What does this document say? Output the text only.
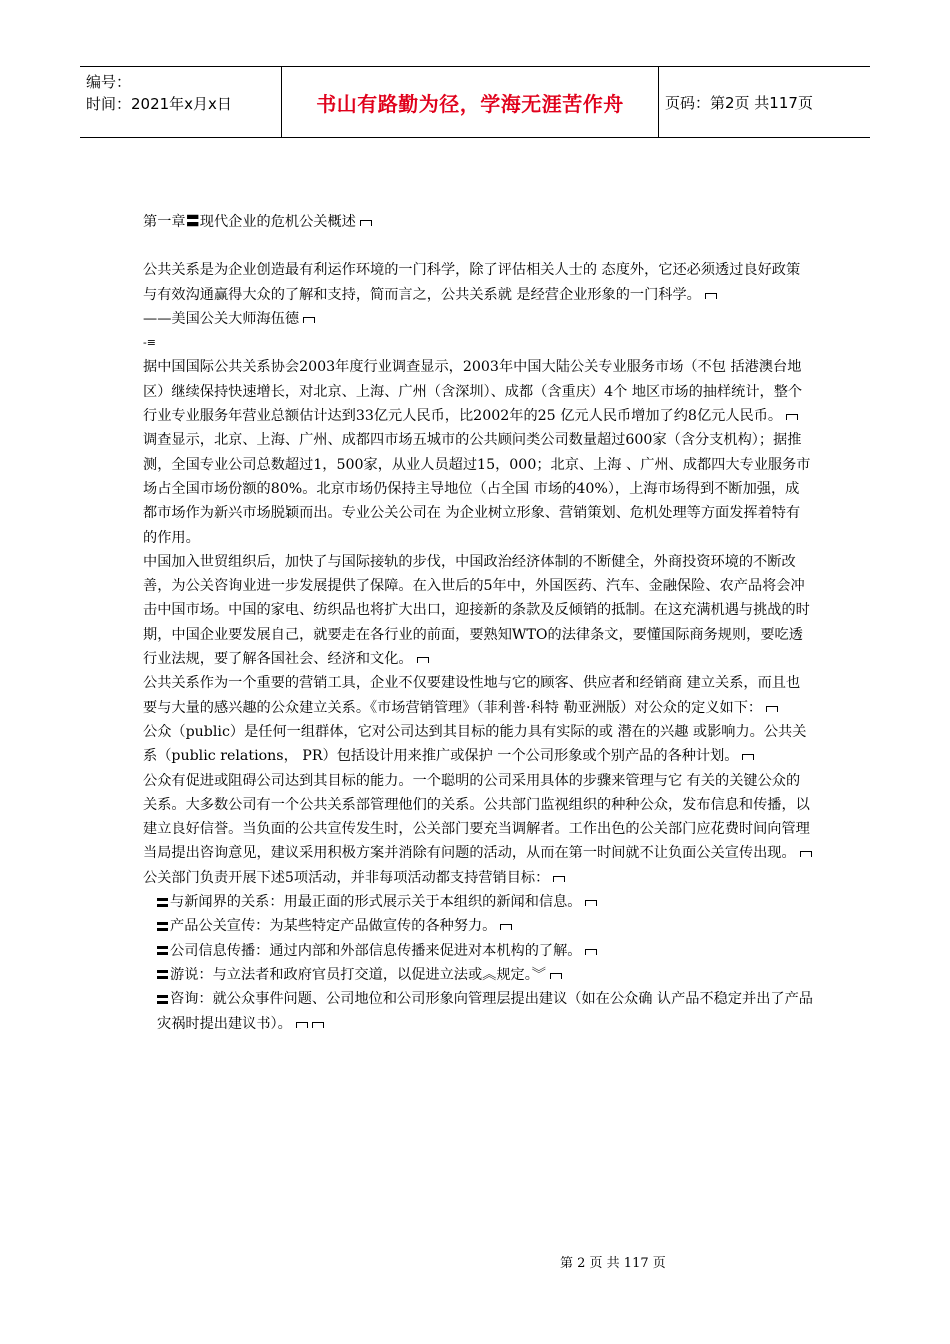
编号：
时间：2021年x月x日	书山有路勤为径，学海无涯苦作舟	页码：第2页 共117页

第一章〓现代企业的危机公关概述

公共关系是为企业创造最有利运作环境的一门科学，除了评估相关人士的 态度外，它还必须透过良好政策与有效沟通赢得大众的了解和支持，简而言之，公共关系就 是经营企业形象的一门科学。

——美国公关大师海伍德

-≡

据中国国际公共关系协会2003年度行业调查显示，2003年中国大陆公关专业服务市场（不包 括港澳台地区）继续保持快速增长，对北京、上海、广州（含深圳）、成都（含重庆）4个 地区市场的抽样统计，整个行业专业服务年营业总额估计达到33亿元人民币，比2002年的25 亿元人民币增加了约8亿元人民币。

调查显示，北京、上海、广州、成都四市场五城市的公共顾问类公司数量超过600家（含分支机构）；据推测，全国专业公司总数超过1，500家，从业人员超过15，000；北京、上海 、广州、成都四大专业服务市场占全国市场份额的80%。北京市场仍保持主导地位（占全国 市场的40%），上海市场得到不断加强，成都市场作为新兴市场脱颖而出。专业公关公司在 为企业树立形象、营销策划、危机处理等方面发挥着特有的作用。

中国加入世贸组织后，加快了与国际接轨的步伐，中国政治经济体制的不断健全，外商投资环境的不断改善，为公关咨询业进一步发展提供了保障。在入世后的5年中，外国医药、汽车、金融保险、农产品将会冲击中国市场。中国的家电、纺织品也将扩大出口，迎接新的条款及反倾销的抵制。在这充满机遇与挑战的时期，中国企业要发展自己，就要走在各行业的前面，要熟知WTO的法律条文，要懂国际商务规则，要吃透行业法规，要了解各国社会、经济和文化。

公共关系作为一个重要的营销工具，企业不仅要建设性地与它的顾客、供应者和经销商 建立关系，而且也要与大量的感兴趣的公众建立关系。《市场营销管理》（菲利普·科特 勒亚洲版）对公众的定义如下：

公众（public）是任何一组群体，它对公司达到其目标的能力具有实际的或 潜在的兴趣 或影响力。公共关系（public relations， PR）包括设计用来推广或保护 一个公司形象或个别产品的各种计划。

公众有促进或阻碍公司达到其目标的能力。一个聪明的公司采用具体的步骤来管理与它 有关的关键公众的关系。大多数公司有一个公共关系部管理他们的关系。公共部门监视组织的种种公众，发布信息和传播，以建立良好信誉。当负面的公共宣传发生时，公关部门要充当调解者。工作出色的公关部门应花费时间向管理当局提出咨询意见，建议采用积极方案并消除有问题的活动，从而在第一时间就不让负面公关宣传出现。

公关部门负责开展下述5项活动，并非每项活动都支持营销目标：

与新闻界的关系：用最正面的形式展示关于本组织的新闻和信息。

产品公关宣传：为某些特定产品做宣传的各种努力。

公司信息传播：通过内部和外部信息传播来促进对本机构的了解。

游说：与立法者和政府官员打交道，以促进立法或︽规定。︾

咨询：就公众事件问题、公司地位和公司形象向管理层提出建议（如在公众确 认产品不稳定并出了产品灾祸时提出建议书）。

第 2 页 共 117 页
